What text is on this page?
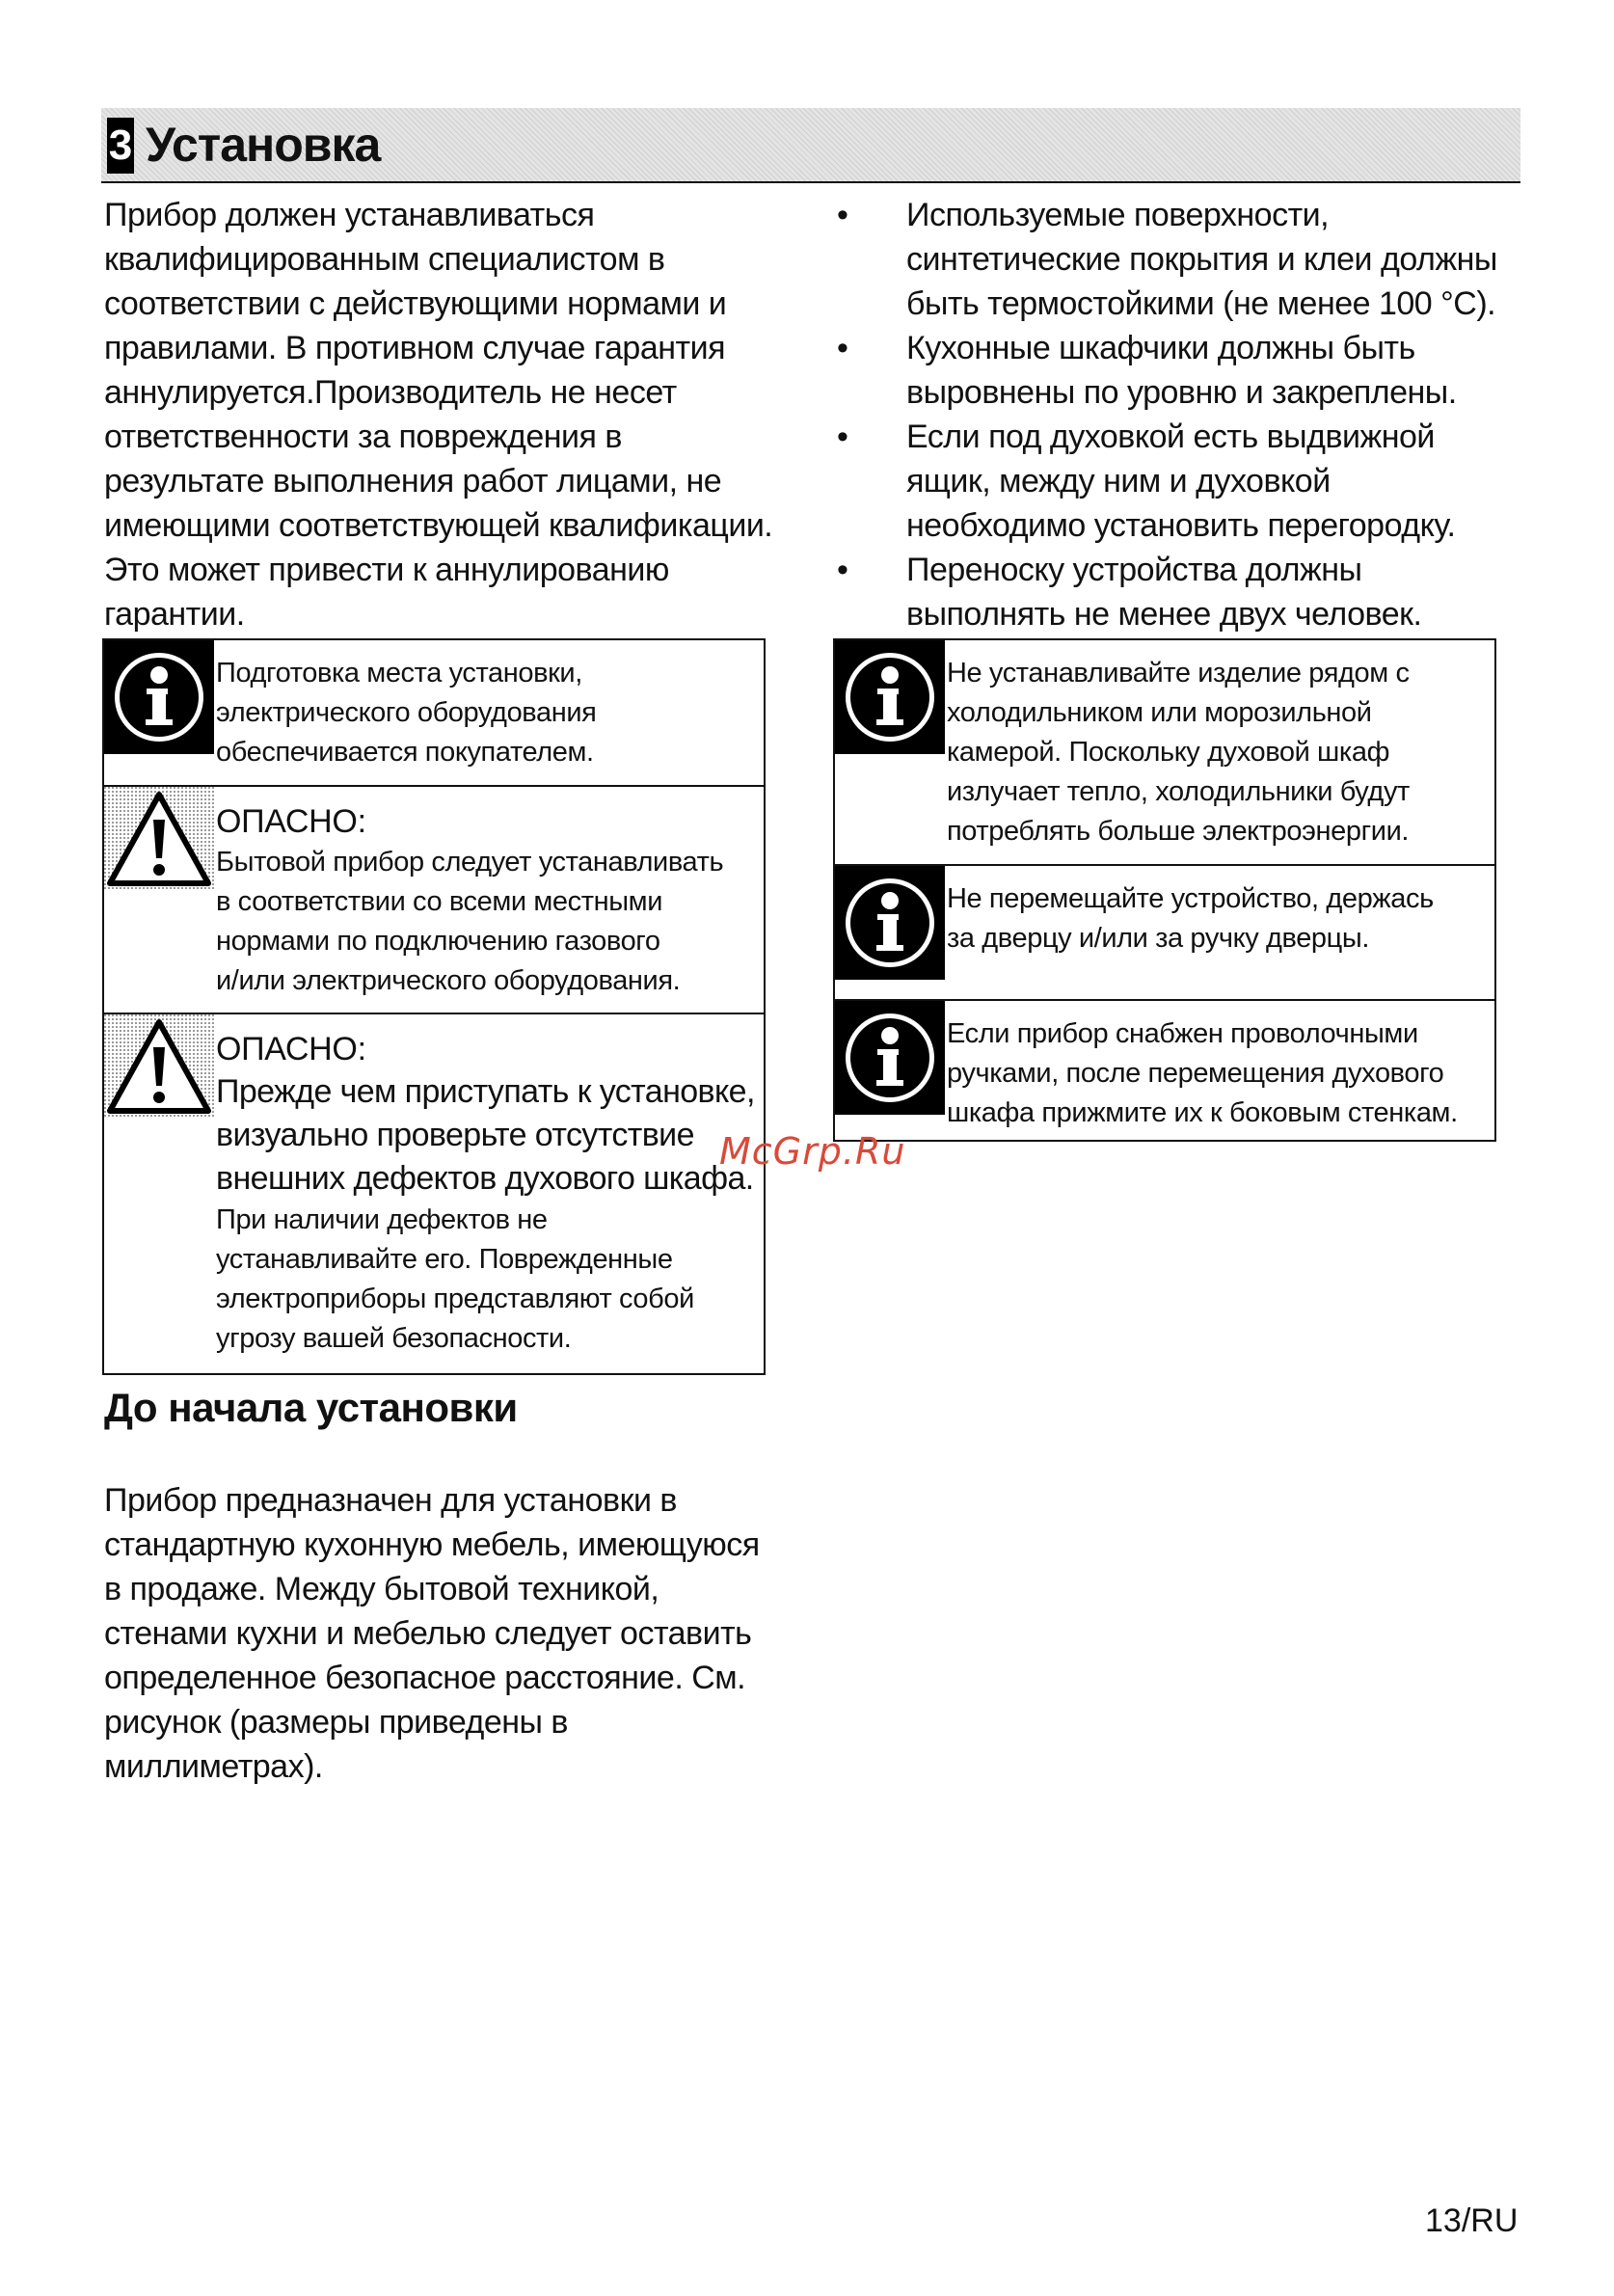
3 Установка
Прибор должен устанавливаться
квалифицированным специалистом в
соответствии с действующими нормами и
правилами. В противном случае гарантия
аннулируется.Производитель не несет
ответственности за повреждения в
результате выполнения работ лицами, не
имеющими соответствующей квалификации.
Это может привести к аннулированию
гарантии.
• Используемые поверхности,
синтетические покрытия и клеи должны
быть термостойкими (не менее 100 °C).
• Кухонные шкафчики должны быть
выровнены по уровню и закреплены.
• Если под духовкой есть выдвижной
ящик, между ним и духовкой
необходимо установить перегородку.
• Переноску устройства должны
выполнять не менее двух человек.
Подготовка места установки,
электрического оборудования
обеспечивается покупателем.
ОПАСНО:
Бытовой прибор следует устанавливать
в соответствии со всеми местными
нормами по подключению газового
и/или электрического оборудования.
ОПАСНО:
Прежде чем приступать к установке,
визуально проверьте отсутствие
внешних дефектов духового шкафа.
При наличии дефектов не
устанавливайте его. Поврежденные
электроприборы представляют собой
угрозу вашей безопасности.
Не устанавливайте изделие рядом с
холодильником или морозильной
камерой. Поскольку духовой шкаф
излучает тепло, холодильники будут
потреблять больше электроэнергии.
Не перемещайте устройство, держась
за дверцу и/или за ручку дверцы.
Если прибор снабжен проволочными
ручками, после перемещения духового
шкафа прижмите их к боковым стенкам.
McGrp.Ru
До начала установки
Прибор предназначен для установки в
стандартную кухонную мебель, имеющуюся
в продаже. Между бытовой техникой,
стенами кухни и мебелью следует оставить
определенное безопасное расстояние. См.
рисунок (размеры приведены в
миллиметрах).
13/RU
